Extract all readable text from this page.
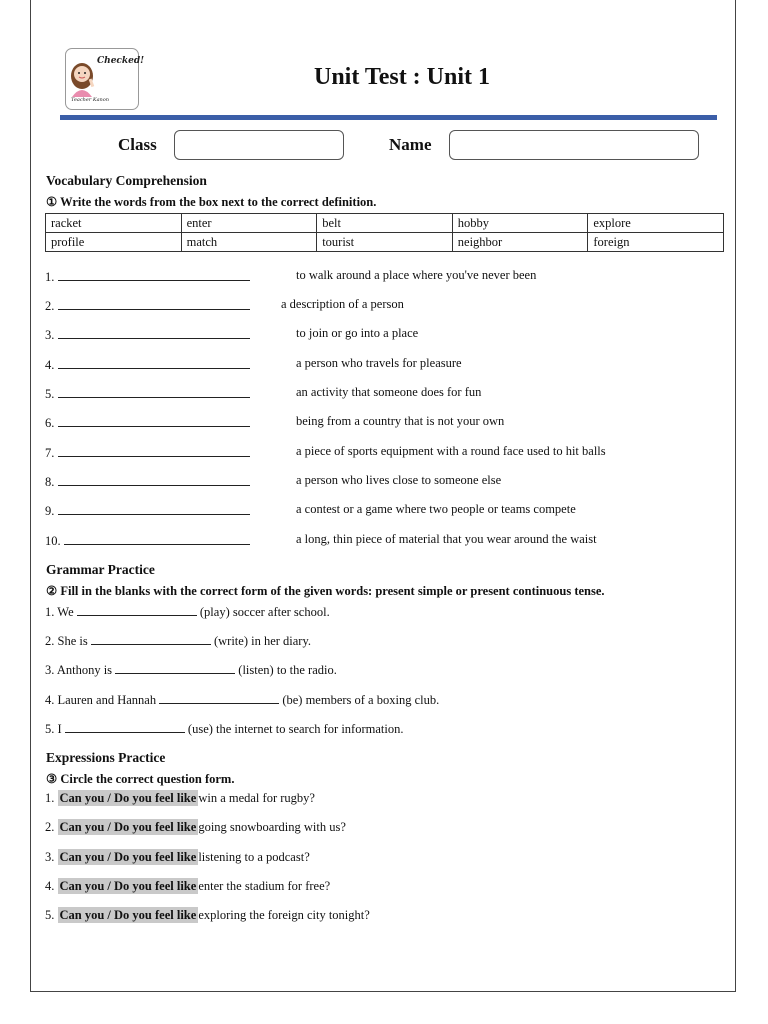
Checked!
Teacher Kanon
Unit Test : Unit 1
Class	Name
Vocabulary Comprehension
① Write the words from the box next to the correct definition.
racket	enter	belt	hobby	explore
profile	match	tourist	neighbor	foreign
1.	to walk around a place where you've never been
2.	a description of a person
3.	to join or go into a place
4.	a person who travels for pleasure
5.	an activity that someone does for fun
6.	being from a country that is not your own
7.	a piece of sports equipment with a round face used to hit balls
8.	a person who lives close to someone else
9.	a contest or a game where two people or teams compete
10.	a long, thin piece of material that you wear around the waist
Grammar Practice
② Fill in the blanks with the correct form of the given words: present simple or present continuous tense.
1. We	(play) soccer after school.
2. She is	(write) in her diary.
3. Anthony is	(listen) to the radio.
4. Lauren and Hannah	(be) members of a boxing club.
5. I	(use) the internet to search for information.
Expressions Practice
③ Circle the correct question form.
1. Can you / Do you feel like win a medal for rugby?
2. Can you / Do you feel like going snowboarding with us?
3. Can you / Do you feel like listening to a podcast?
4. Can you / Do you feel like enter the stadium for free?
5. Can you / Do you feel like exploring the foreign city tonight?
